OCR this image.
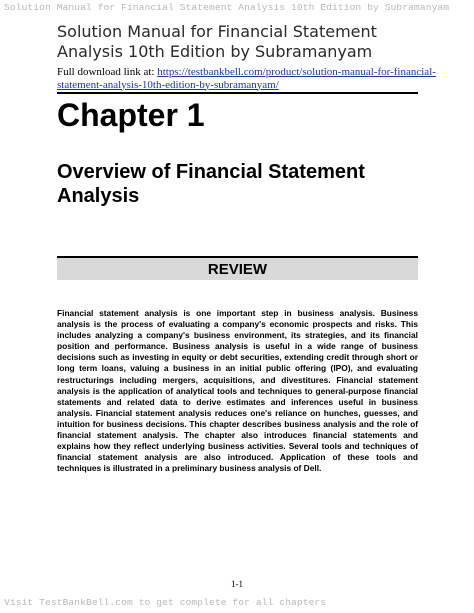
Solution Manual for Financial Statement Analysis 10th Edition by Subramanyam
Solution Manual for Financial Statement Analysis 10th Edition by Subramanyam
Full download link at: https://testbankbell.com/product/solution-manual-for-financial-statement-analysis-10th-edition-by-subramanyam/
Chapter 1
Overview of Financial Statement Analysis
REVIEW
Financial statement analysis is one important step in business analysis. Business analysis is the process of evaluating a company's economic prospects and risks. This includes analyzing a company's business environment, its strategies, and its financial position and performance. Business analysis is useful in a wide range of business decisions such as investing in equity or debt securities, extending credit through short or long term loans, valuing a business in an initial public offering (IPO), and evaluating restructurings including mergers, acquisitions, and divestitures. Financial statement analysis is the application of analytical tools and techniques to general-purpose financial statements and related data to derive estimates and inferences useful in business analysis. Financial statement analysis reduces one's reliance on hunches, guesses, and intuition for business decisions. This chapter describes business analysis and the role of financial statement analysis. The chapter also introduces financial statements and explains how they reflect underlying business activities. Several tools and techniques of financial statement analysis are also introduced. Application of these tools and techniques is illustrated in a preliminary business analysis of Dell.
1-1
Visit TestBankBell.com to get complete for all chapters
